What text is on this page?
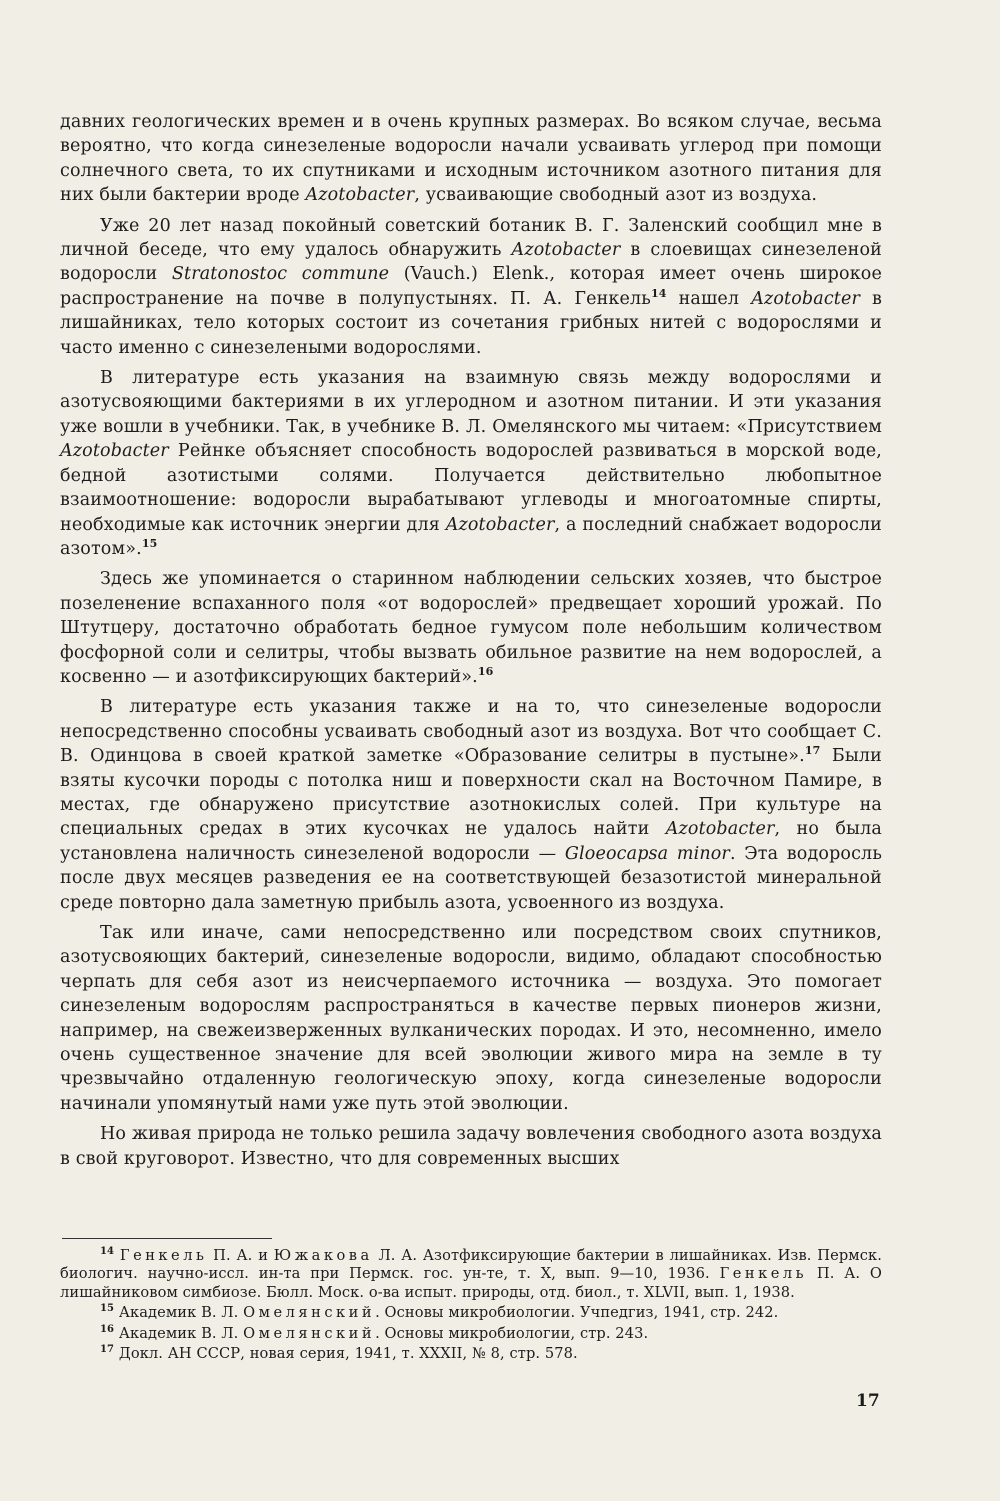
давних геологических времен и в очень крупных размерах. Во всяком случае, весьма вероятно, что когда синезеленые водоросли начали усваивать углерод при помощи солнечного света, то их спутниками и исходным источником азотного питания для них были бактерии вроде Azotobacter, усваивающие свободный азот из воздуха.

Уже 20 лет назад покойный советский ботаник В. Г. Заленский сообщил мне в личной беседе, что ему удалось обнаружить Azotobacter в слоевищах синезеленой водоросли Stratonostoc commune (Vauch.) Elenk., которая имеет очень широкое распространение на почве в полупустынях. П. А. Генкель$^{14}$ нашел Azotobacter в лишайниках, тело которых состоит из сочетания грибных нитей с водорослями и часто именно с синезелеными водорослями.

В литературе есть указания на взаимную связь между водорослями и азотусвояющими бактериями в их углеродном и азотном питании. И эти указания уже вошли в учебники. Так, в учебнике В. Л. Омелянского мы читаем: «Присутствием Azotobacter Рейнке объясняет способность водорослей развиваться в морской воде, бедной азотистыми солями. Получается действительно любопытное взаимоотношение: водоросли вырабатывают углеводы и многоатомные спирты, необходимые как источник энергии для Azotobacter, а последний снабжает водоросли азотом».$^{15}$

Здесь же упоминается о старинном наблюдении сельских хозяев, что быстрое позеленение вспаханного поля «от водорослей» предвещает хороший урожай. По Штутцеру, достаточно обработать бедное гумусом поле небольшим количеством фосфорной соли и селитры, чтобы вызвать обильное развитие на нем водорослей, а косвенно — и азотфиксирующих бактерий».$^{16}$

В литературе есть указания также и на то, что синезеленые водоросли непосредственно способны усваивать свободный азот из воздуха. Вот что сообщает С. В. Одинцова в своей краткой заметке «Образование селитры в пустыне».$^{17}$ Были взяты кусочки породы с потолка ниш и поверхности скал на Восточном Памире, в местах, где обнаружено присутствие азотнокислых солей. При культуре на специальных средах в этих кусочках не удалось найти Azotobacter, но была установлена наличность синезеленой водоросли — Gloeocapsa minor. Эта водоросль после двух месяцев разведения ее на соответствующей безазотистой минеральной среде повторно дала заметную прибыль азота, усвоенного из воздуха.

Так или иначе, сами непосредственно или посредством своих спутников, азотусвояющих бактерий, синезеленые водоросли, видимо, обладают способностью черпать для себя азот из неисчерпаемого источника — воздуха. Это помогает синезеленым водорослям распространяться в качестве первых пионеров жизни, например, на свежеизверженных вулканических породах. И это, несомненно, имело очень существенное значение для всей эволюции живого мира на земле в ту чрезвычайно отдаленную геологическую эпоху, когда синезеленые водоросли начинали упомянутый нами уже путь этой эволюции.

Но живая природа не только решила задачу вовлечения свободного азота воздуха в свой круговорот. Известно, что для современных высших

$^{14}$ Генкель П. А. и Южакова Л. А. Азотфиксирующие бактерии в лишайниках. Изв. Пермск. биологич. научно-иссл. ин-та при Пермск. гос. ун-те, т. X, вып. 9—10, 1936. Генкель П. А. О лишайниковом симбиозе. Бюлл. Моск. о-ва испыт. природы, отд. биол., т. XLVII, вып. 1, 1938.

$^{15}$ Академик В. Л. Омелянский. Основы микробиологии. Учпедгиз, 1941, стр. 242.

$^{16}$ Академик В. Л. Омелянский. Основы микробиологии, стр. 243.

$^{17}$ Докл. АН СССР, новая серия, 1941, т. XXXII, № 8, стр. 578.

17
